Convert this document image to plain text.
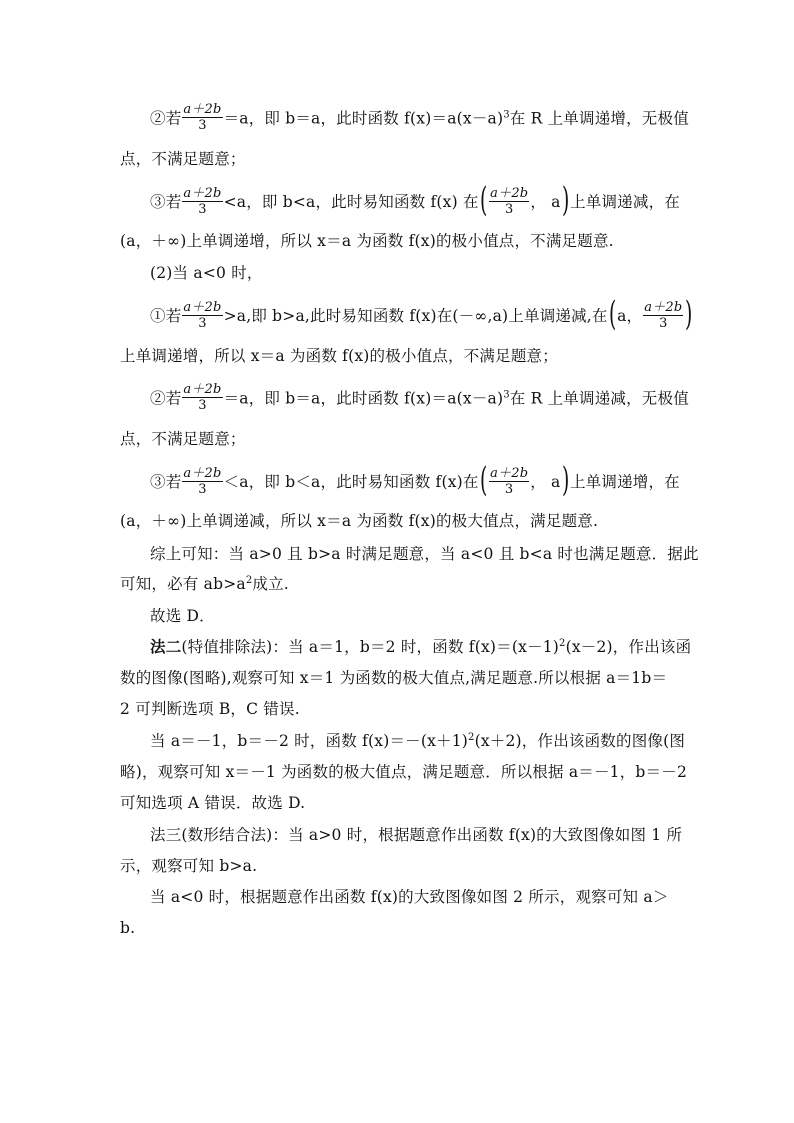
②若 $\frac{a+2b}{3} =a$，即 b＝a，此时函数 $f(x)=a(x-a)^3$在 R 上单调递增，无极值
点，不满足题意；
③若 $\frac{a+2b}{3} <a$，即 b<a，此时易知函数 f(x) 在( $\frac{a+2b}{3}$ ， a)上单调递减，在
(a，＋∞)上单调递增，所以 x＝a 为函数 f(x)的极小值点，不满足题意.
(2)当 a<0 时，
①若 $\frac{a+2b}{3} >a$,即 b>a,此时易知函数 f(x)在(－∞,a)上单调递减,在(a， $\frac{a+2b}{3}$ )
上单调递增，所以 x＝a 为函数 f(x)的极小值点，不满足题意；
②若 $\frac{a+2b}{3} =a$，即 b＝a，此时函数 $f(x)=a(x-a)^3$在 R 上单调递减，无极值
点，不满足题意；
③若 $\frac{a+2b}{3} <a$，即 b＜a，此时易知函数 f(x)在( $\frac{a+2b}{3}$ ， a)上单调递增，在
(a，＋∞)上单调递减，所以 x＝a 为函数 f(x)的极大值点，满足题意.
综上可知：当 a>0 且 b>a 时满足题意，当 a<0 且 b<a 时也满足题意．据此
可知，必有 $ab>a^2$成立.
故选 D．
法二(特值排除法)：当 a＝1，b＝2 时，函数 $f(x)=(x-1)^2(x-2)$，作出该函
数的图像(图略),观察可知 x＝1 为函数的极大值点,满足题意.所以根据 a＝1b＝
2 可判断选项 B，C 错误.
当 a＝－1，b＝－2 时，函数 $f(x)=-(x+1)^2(x+2)$，作出该函数的图像(图
略)，观察可知 x＝－1 为函数的极大值点，满足题意．所以根据 a＝－1，b＝－2
可知选项 A 错误．故选 D.
法三(数形结合法)：当 a>0 时，根据题意作出函数 f(x)的大致图像如图 1 所
示，观察可知 b>a.
当 a<0 时，根据题意作出函数 f(x)的大致图像如图 2 所示，观察可知 a＞
b.
